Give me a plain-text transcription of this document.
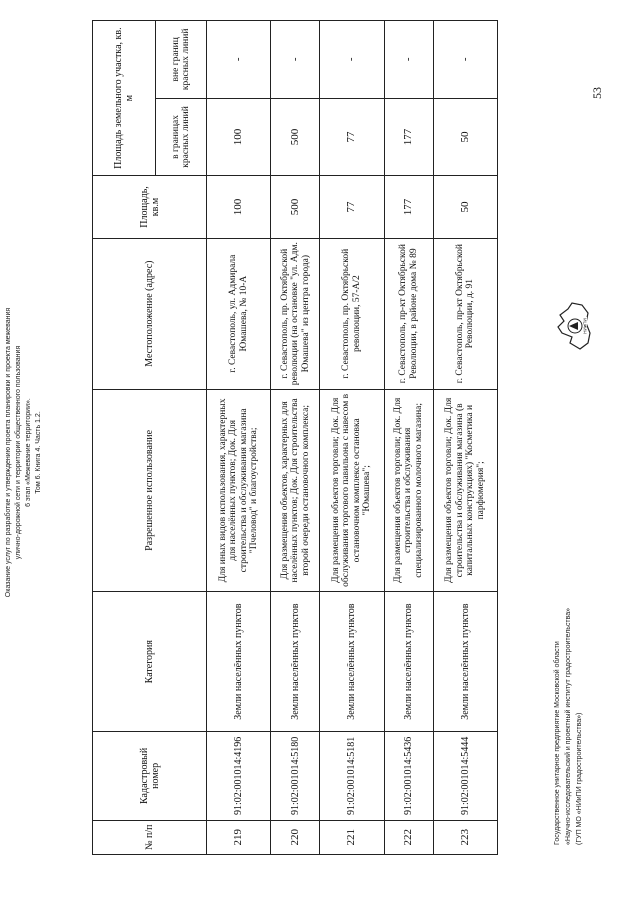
Оказание услуг по разработке и утверждению проекта планировки и проекта межевания улично-дорожной сети и территории общественного пользования 6 этап «Межевание территории». Том 6. Книга 4. Часть 1.2.
№ п/п	Кадастровый номер	Категория	Разрешенное использование	Местоположение (адрес)	Площадь, кв.м	Площадь земельного участка, кв. м	
						в границах красных линий	вне границ красных линий
219	91:02:001014:4196	Земли населённых пунктов	Для иных видов использования, характерных для населённых пунктов; Док. Для строительства и обслуживания магазина "Пчеловод" и благоустройства;	г. Севастополь, ул. Адмирала Юмашева, № 10-А	100	100	-
220	91:02:001014:5180	Земли населённых пунктов	Для размещения объектов, характерных для населённых пунктов; Док. Для строительства второй очереди остановочного комплекса;	г. Севастополь, пр. Октябрьской революции (на остановке "ул. Адм. Юмашева" из центра города)	500	500	-
221	91:02:001014:5181	Земли населённых пунктов	Для размещения объектов торговли; Док. Для обслуживания торгового павильона с навесом в остановочном комплексе остановка "Юмашева";	г. Севастополь, пр. Октябрьской революции, 57-А/2	77	77	-
222	91:02:001014:5436	Земли населённых пунктов	Для размещения объектов торговли; Док. Для строительства и обслуживания специализированного молочного магазина;	г. Севастополь, пр-кт Октябрьской Революции, в районе дома № 89	177	177	-
223	91:02:001014:5444	Земли населённых пунктов	Для размещения объектов торговли; Док. Для строительства и обслуживания магазина (в капитальных конструкциях) "Косметика и парфюмерия";	г. Севастополь, пр-кт Октябрьской Революции, д. 91	50	50	-
Государственное унитарное предприятие Московской области «Научно-исследовательский и проектный институт градостроительства» (ГУП МО «НИиПИ градостроительства»)
НИиПИ
53
